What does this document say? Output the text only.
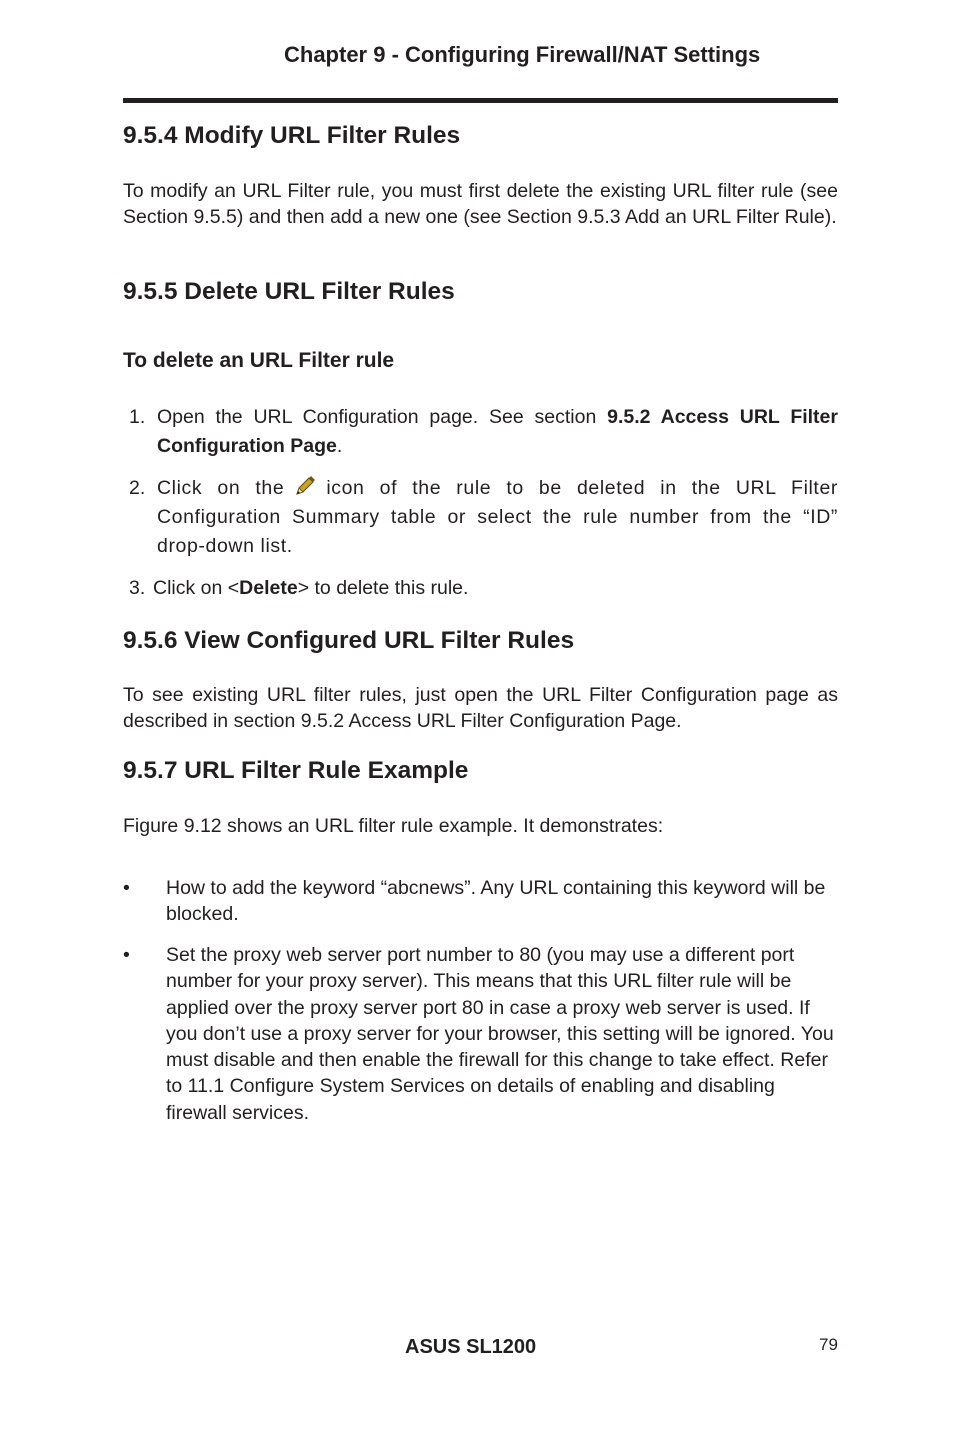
Chapter 9 - Configuring Firewall/NAT Settings
9.5.4 Modify URL Filter Rules
To modify an URL Filter rule, you must first delete the existing URL filter rule (see Section 9.5.5) and then add a new one (see Section 9.5.3 Add an URL Filter Rule).
9.5.5 Delete URL Filter Rules
To delete an URL Filter rule
1. Open the URL Configuration page. See section 9.5.2 Access URL Filter Configuration Page.
2. Click on the icon of the rule to be deleted in the URL Filter Configuration Summary table or select the rule number from the “ID” drop-down list.
3. Click on <Delete> to delete this rule.
9.5.6 View Configured URL Filter Rules
To see existing URL filter rules, just open the URL Filter Configuration page as described in section 9.5.2 Access URL Filter Configuration Page.
9.5.7 URL Filter Rule Example
Figure 9.12 shows an URL filter rule example. It demonstrates:
• How to add the keyword “abcnews”. Any URL containing this keyword will be blocked.
• Set the proxy web server port number to 80 (you may use a different port number for your proxy server). This means that this URL filter rule will be applied over the proxy server port 80 in case a proxy web server is used. If you don’t use a proxy server for your browser, this setting will be ignored. You must disable and then enable the firewall for this change to take effect. Refer to 11.1 Configure System Services on details of enabling and disabling firewall services.
ASUS SL1200	79
